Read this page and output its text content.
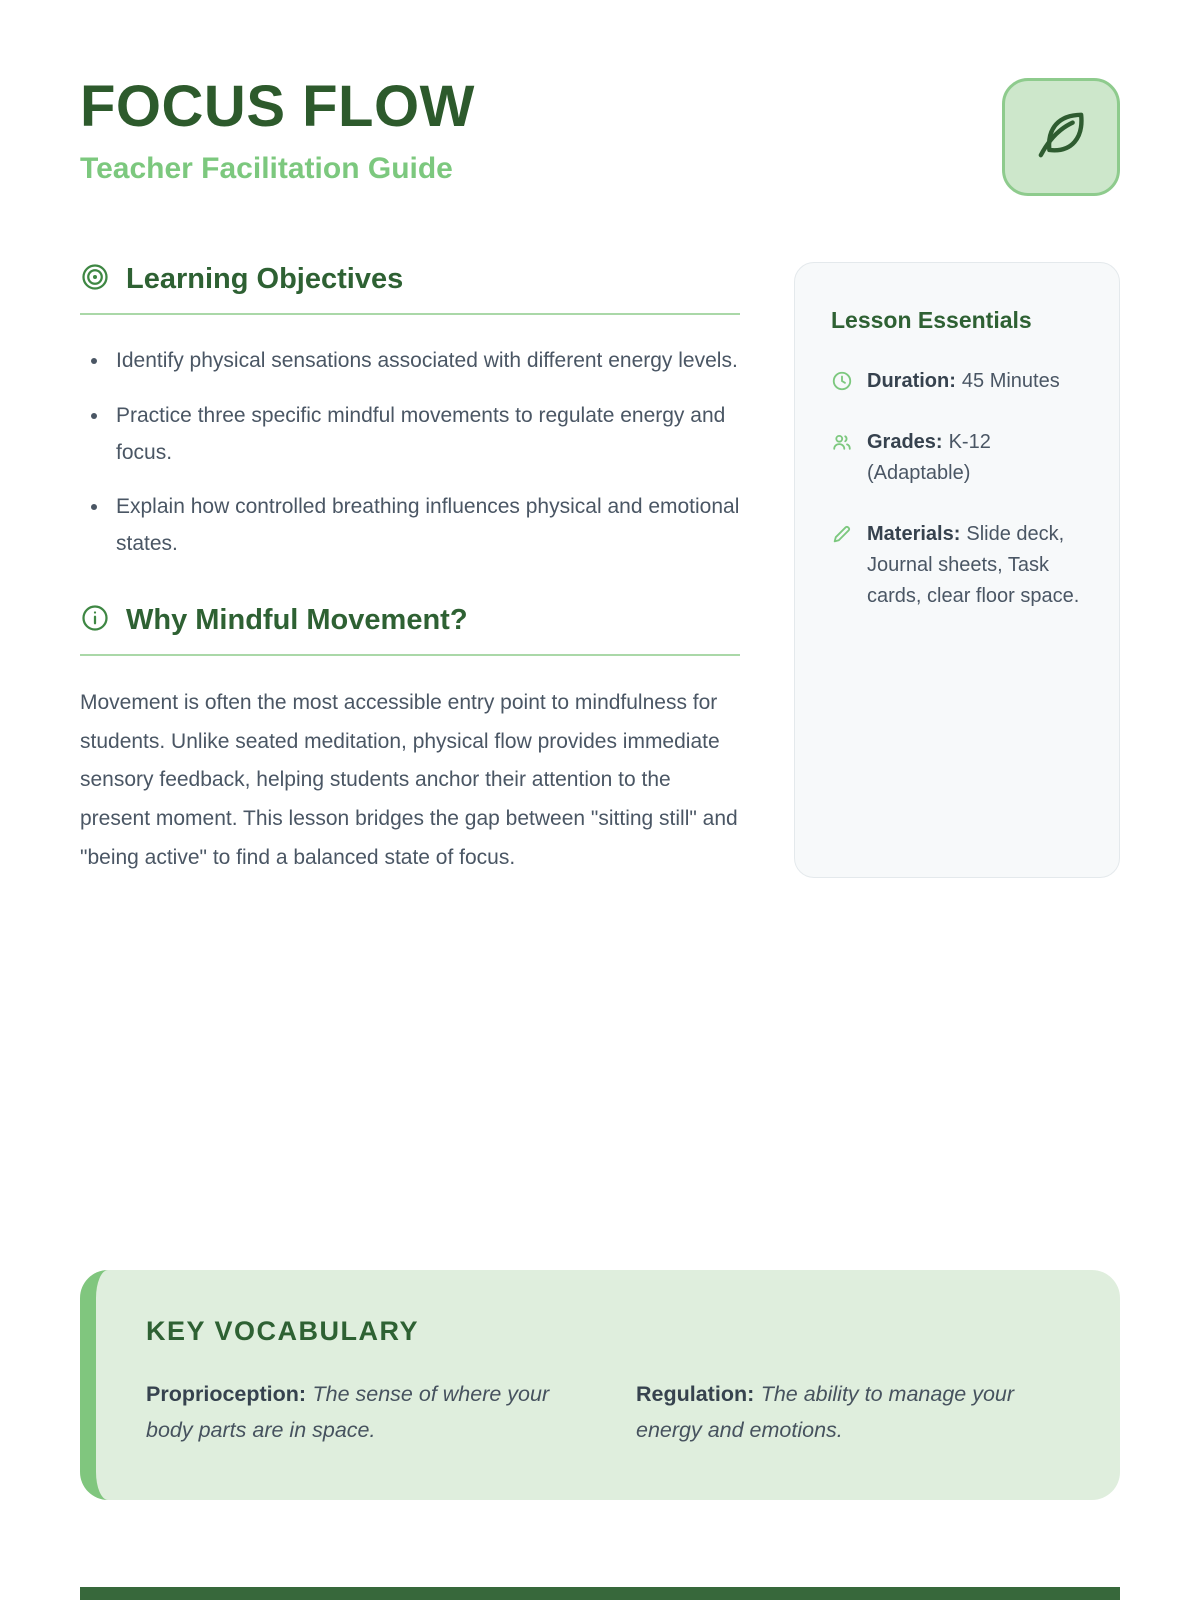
FOCUS FLOW
Teacher Facilitation Guide
Learning Objectives
• Identify physical sensations associated with different energy levels.
• Practice three specific mindful movements to regulate energy and focus.
• Explain how controlled breathing influences physical and emotional states.
Why Mindful Movement?

Movement is often the most accessible entry point to mindfulness for students. Unlike seated meditation, physical flow provides immediate sensory feedback, helping students anchor their attention to the present moment. This lesson bridges the gap between "sitting still" and "being active" to find a balanced state of focus.

Lesson Essentials

Duration: 45 Minutes

Grades: K-12 (Adaptable)

Materials: Slide deck, Journal sheets, Task cards, clear floor space.

KEY VOCABULARY

Proprioception: The sense of where your body parts are in space.

Regulation: The ability to manage your energy and emotions.
